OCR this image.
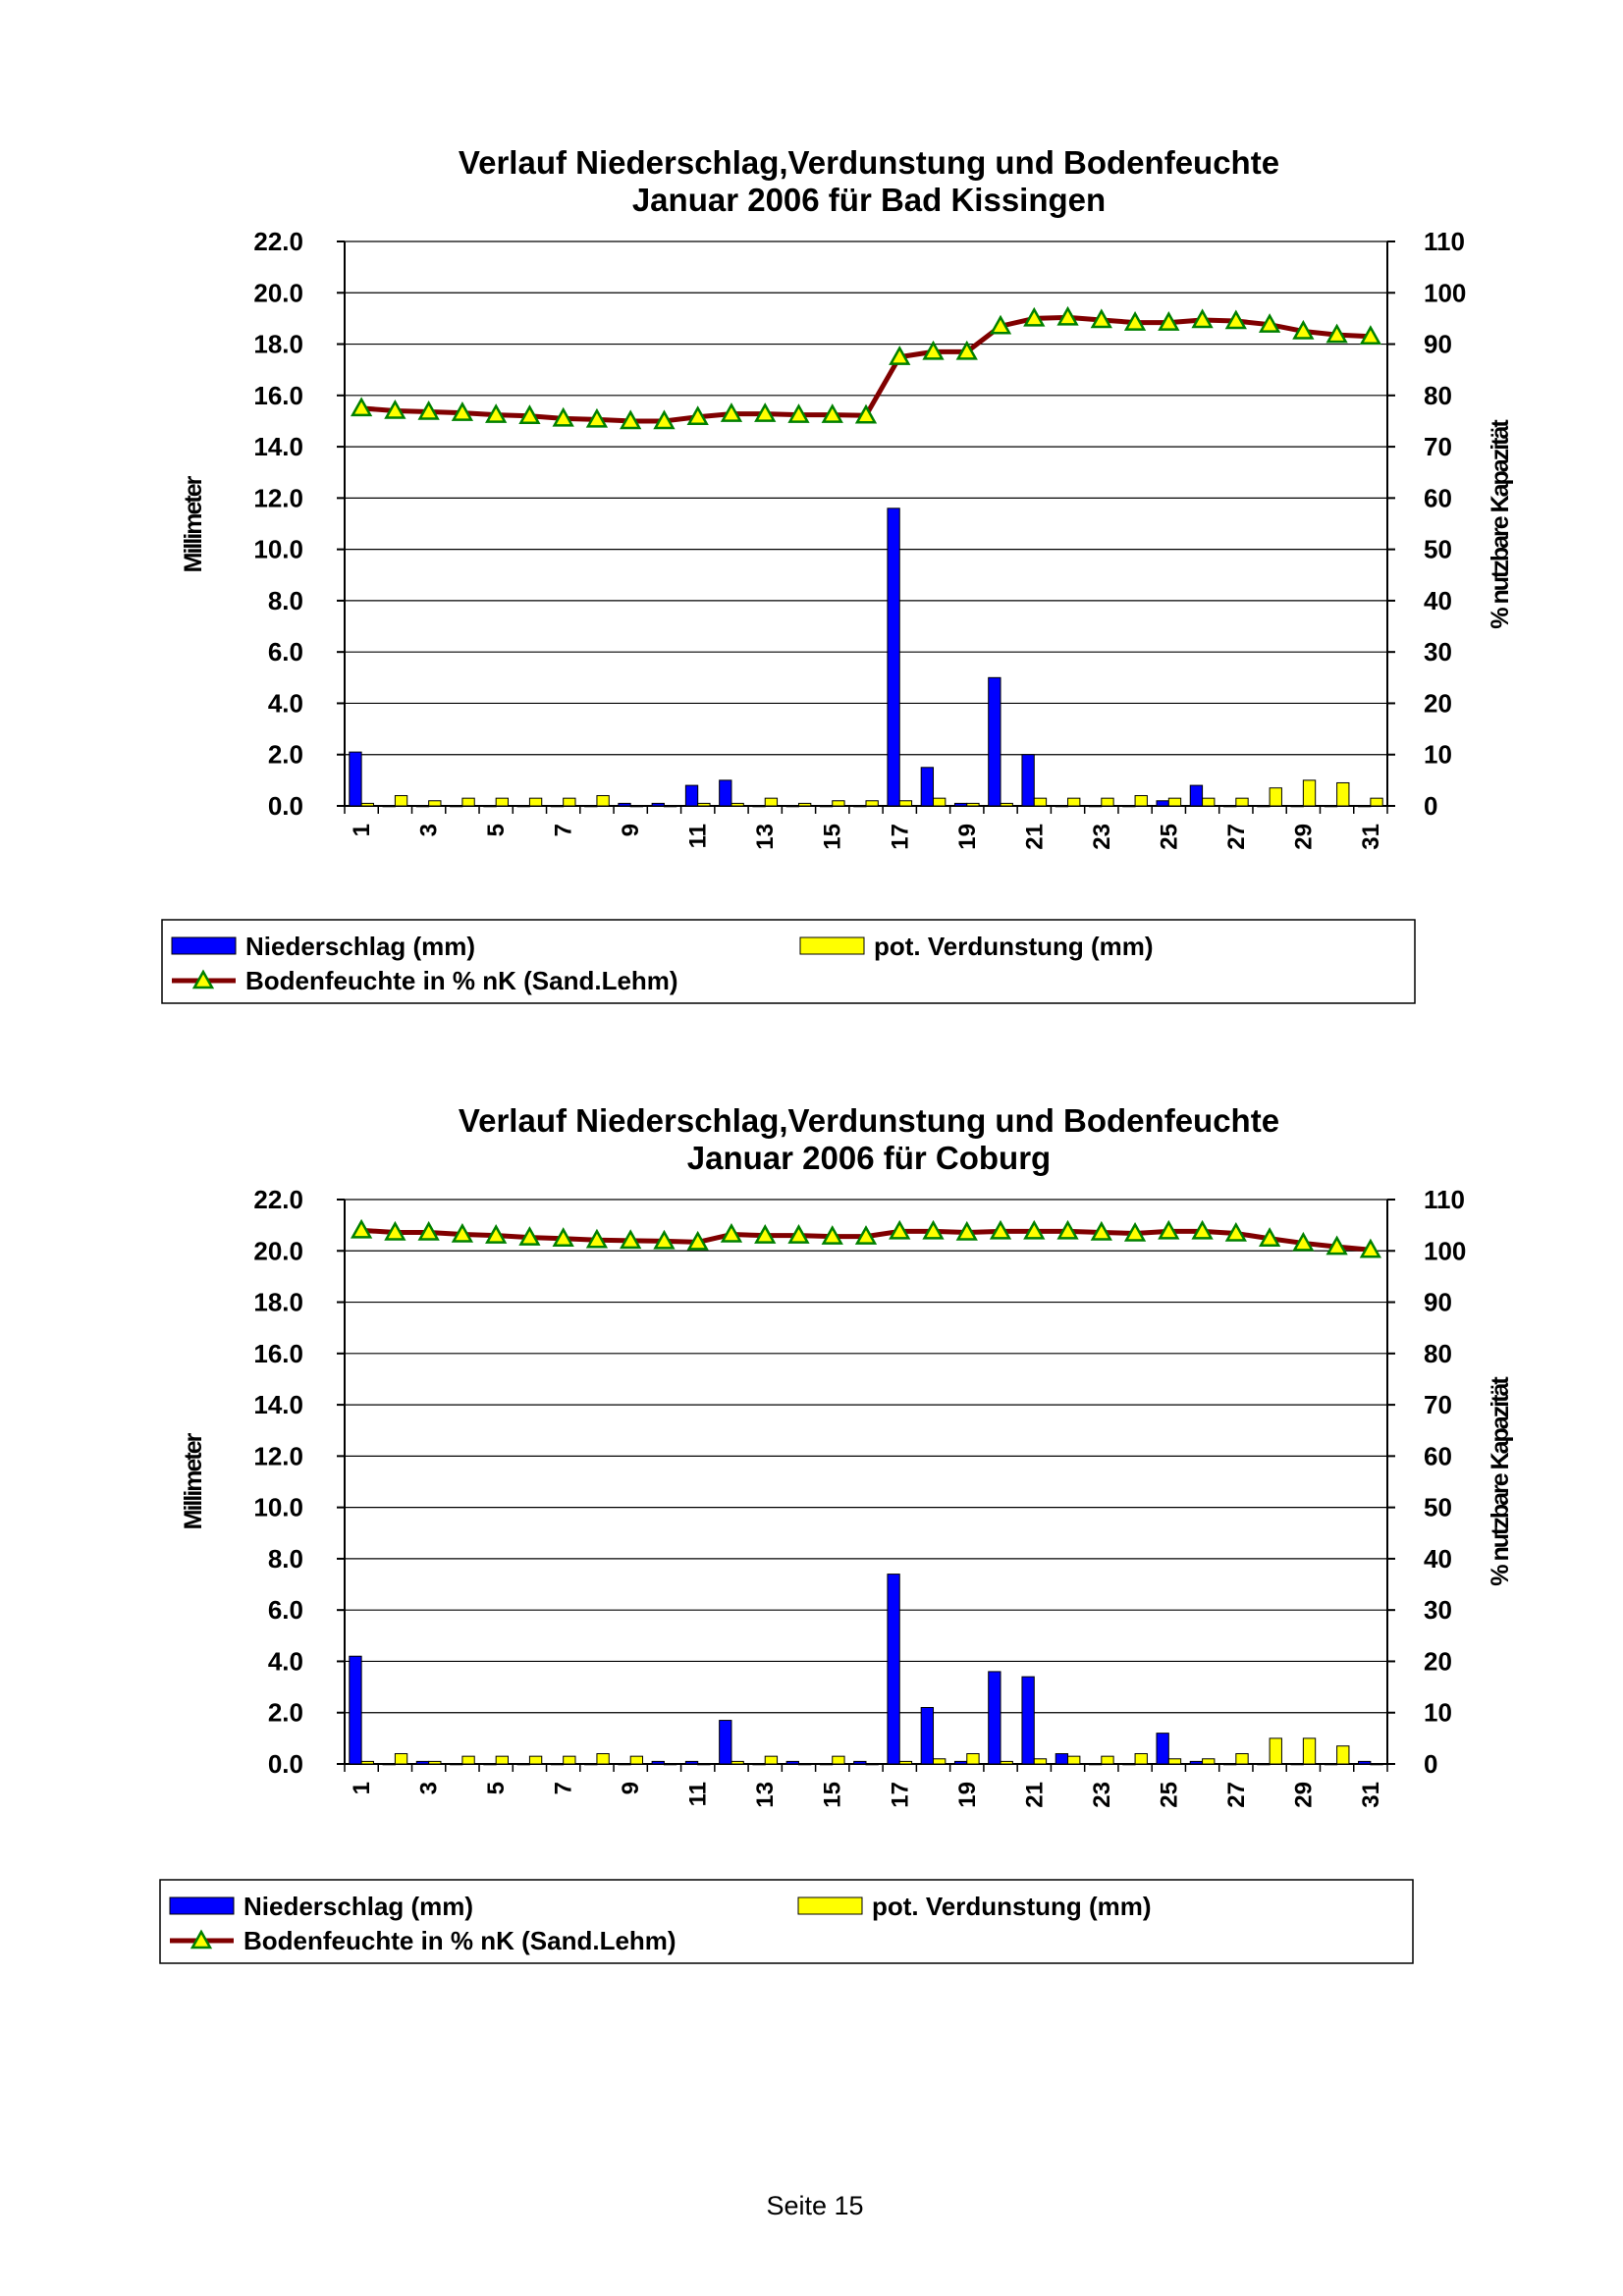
Verlauf Niederschlag,Verdunstung und Bodenfeuchte
Januar 2006 für Bad Kissingen
0.0
2.0
4.0
6.0
8.0
10.0
12.0
14.0
16.0
18.0
20.0
22.0
0
10
20
30
40
50
60
70
80
90
100
110
1 3 5 7 9 11 13 15 17 19 21 23 25 27 29 31
Millimeter	% nutzbare Kapazität
Niederschlag (mm)	pot. Verdunstung (mm)
Bodenfeuchte in % nK (Sand.Lehm)
Verlauf Niederschlag,Verdunstung und Bodenfeuchte
Januar 2006 für Coburg
0.0
2.0
4.0
6.0
8.0
10.0
12.0
14.0
16.0
18.0
20.0
22.0
0
10
20
30
40
50
60
70
80
90
100
110
1 3 5 7 9 11 13 15 17 19 21 23 25 27 29 31
Millimeter	% nutzbare Kapazität
Niederschlag (mm)	pot. Verdunstung (mm)
Bodenfeuchte in % nK (Sand.Lehm)
Seite 15
